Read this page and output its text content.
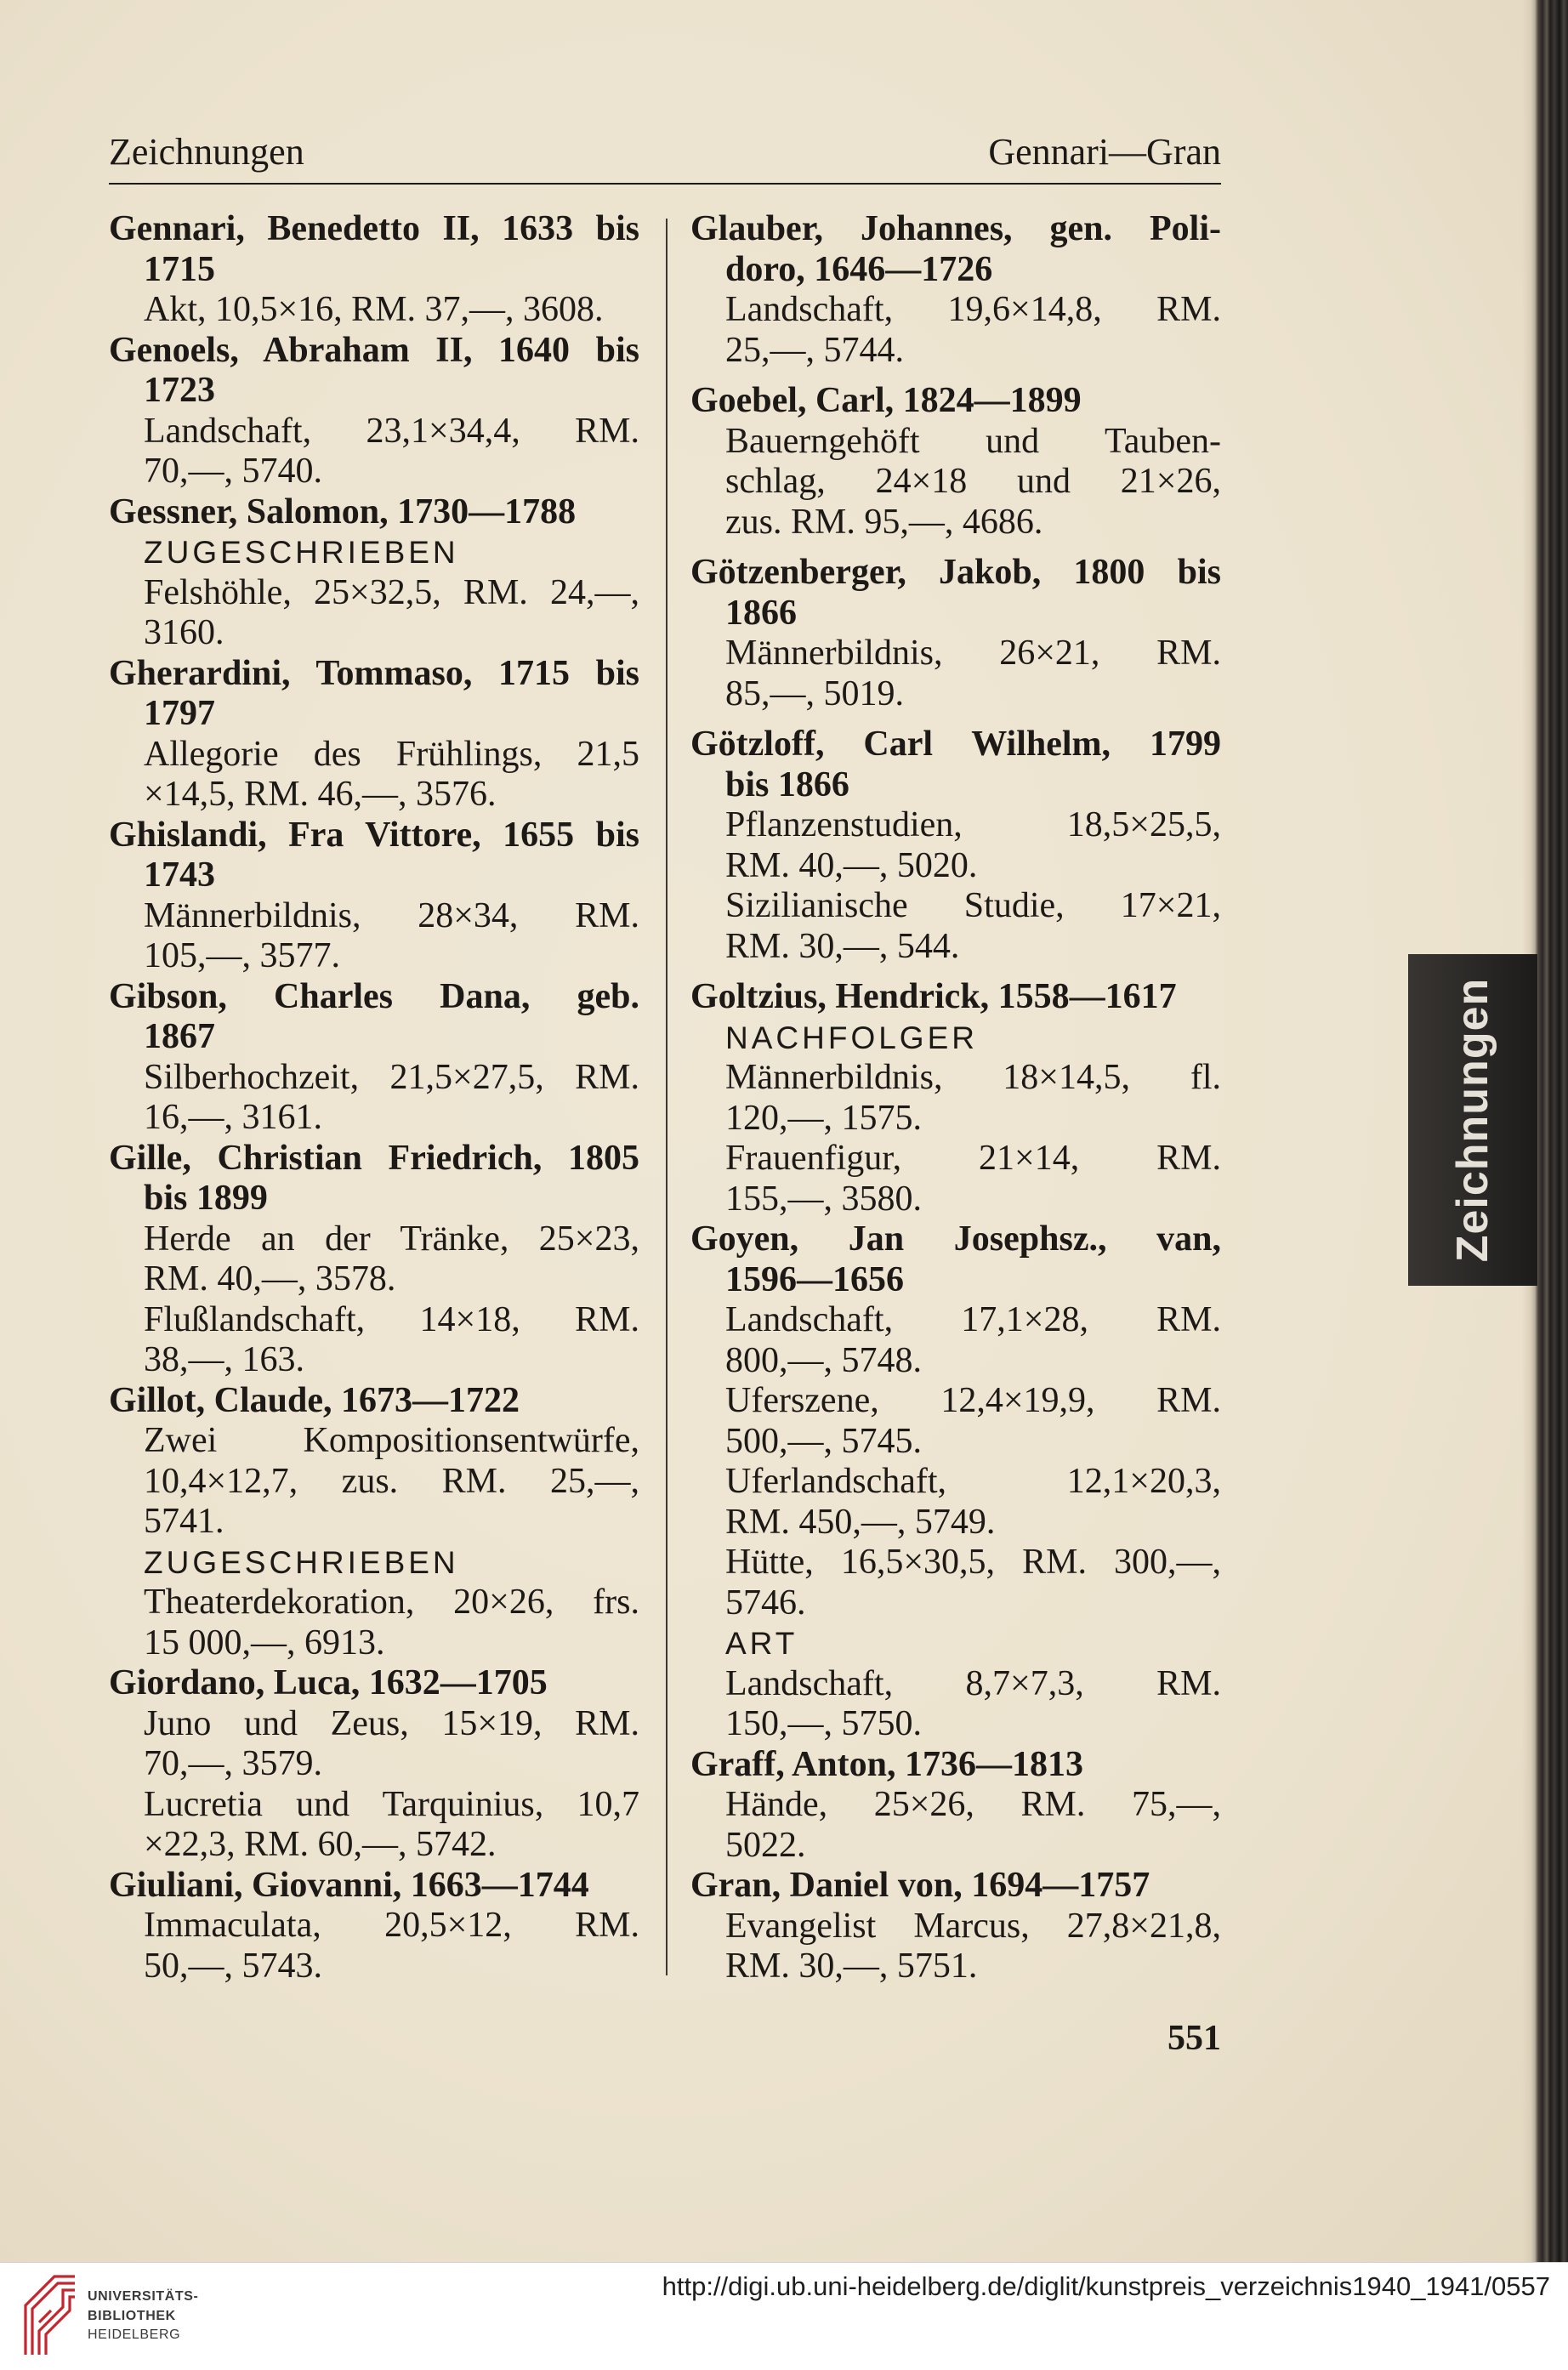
Zeichnungen	Gennari—Gran
Gennari, Benedetto II, 1633 bis
1715
Akt, 10,5×16, RM. 37,—, 3608.
Genoels, Abraham II, 1640 bis
1723
Landschaft, 23,1×34,4, RM.
70,—, 5740.
Gessner, Salomon, 1730—1788
ZUGESCHRIEBEN
Felshöhle, 25×32,5, RM. 24,—,
3160.
Gherardini, Tommaso, 1715 bis
1797
Allegorie des Frühlings, 21,5
×14,5, RM. 46,—, 3576.
Ghislandi, Fra Vittore, 1655 bis
1743
Männerbildnis, 28×34, RM.
105,—, 3577.
Gibson, Charles Dana, geb.
1867
Silberhochzeit, 21,5×27,5, RM.
16,—, 3161.
Gille, Christian Friedrich, 1805
bis 1899
Herde an der Tränke, 25×23,
RM. 40,—, 3578.
Flußlandschaft, 14×18, RM.
38,—, 163.
Gillot, Claude, 1673—1722
Zwei Kompositionsentwürfe,
10,4×12,7, zus. RM. 25,—,
5741.
ZUGESCHRIEBEN
Theaterdekoration, 20×26, frs.
15 000,—, 6913.
Giordano, Luca, 1632—1705
Juno und Zeus, 15×19, RM.
70,—, 3579.
Lucretia und Tarquinius, 10,7
×22,3, RM. 60,—, 5742.
Giuliani, Giovanni, 1663—1744
Immaculata, 20,5×12, RM.
50,—, 5743.
Glauber, Johannes, gen. Poli-
doro, 1646—1726
Landschaft, 19,6×14,8, RM.
25,—, 5744.
Goebel, Carl, 1824—1899
Bauerngehöft und Tauben-
schlag, 24×18 und 21×26,
zus. RM. 95,—, 4686.
Götzenberger, Jakob, 1800 bis
1866
Männerbildnis, 26×21, RM.
85,—, 5019.
Götzloff, Carl Wilhelm, 1799
bis 1866
Pflanzenstudien, 18,5×25,5,
RM. 40,—, 5020.
Sizilianische Studie, 17×21,
RM. 30,—, 544.
Goltzius, Hendrick, 1558—1617
NACHFOLGER
Männerbildnis, 18×14,5, fl.
120,—, 1575.
Frauenfigur, 21×14, RM.
155,—, 3580.
Goyen, Jan Josephsz., van,
1596—1656
Landschaft, 17,1×28, RM.
800,—, 5748.
Uferszene, 12,4×19,9, RM.
500,—, 5745.
Uferlandschaft, 12,1×20,3,
RM. 450,—, 5749.
Hütte, 16,5×30,5, RM. 300,—,
5746.
ART
Landschaft, 8,7×7,3, RM.
150,—, 5750.
Graff, Anton, 1736—1813
Hände, 25×26, RM. 75,—,
5022.
Gran, Daniel von, 1694—1757
Evangelist Marcus, 27,8×21,8,
RM. 30,—, 5751.
Zeichnungen
551
UNIVERSITÄTS-
BIBLIOTHEK
HEIDELBERG
http://digi.ub.uni-heidelberg.de/diglit/kunstpreis_verzeichnis1940_1941/0557
